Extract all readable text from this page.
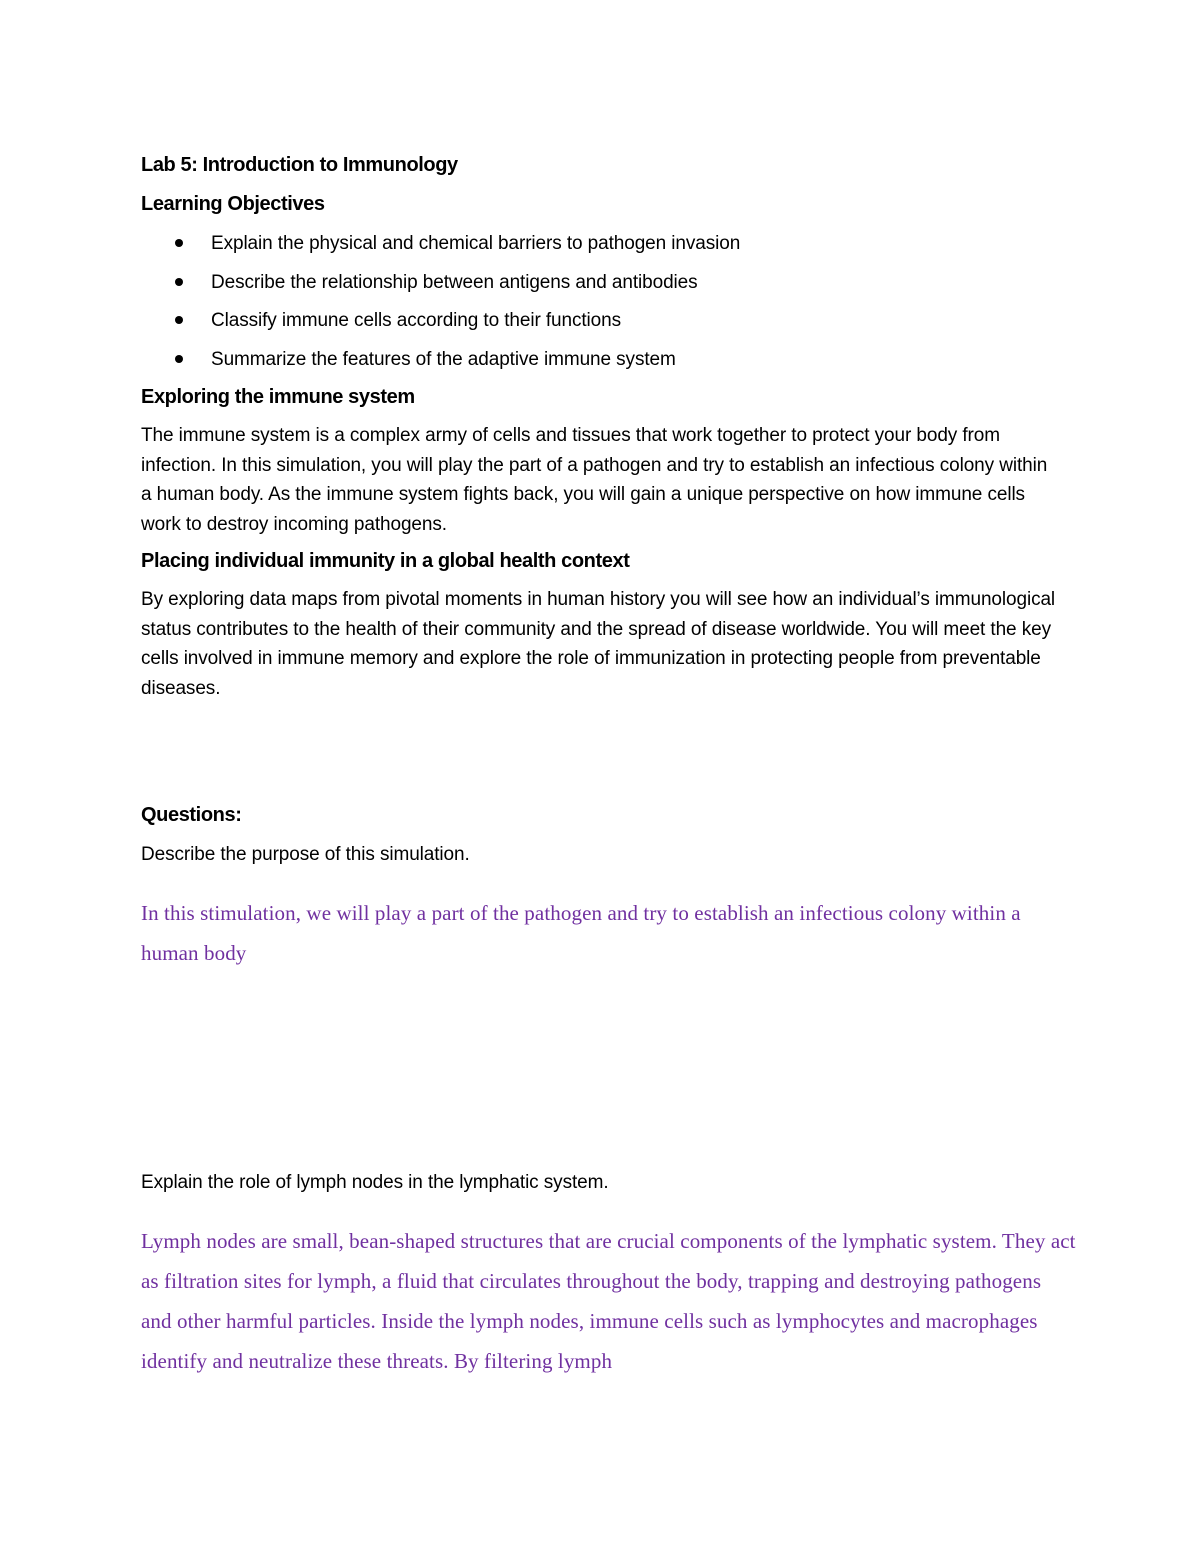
Lab 5: Introduction to Immunology
Learning Objectives
Explain the physical and chemical barriers to pathogen invasion
Describe the relationship between antigens and antibodies
Classify immune cells according to their functions
Summarize the features of the adaptive immune system
Exploring the immune system

The immune system is a complex army of cells and tissues that work together to protect your body from infection. In this simulation, you will play the part of a pathogen and try to establish an infectious colony within a human body. As the immune system fights back, you will gain a unique perspective on how immune cells work to destroy incoming pathogens.

Placing individual immunity in a global health context

By exploring data maps from pivotal moments in human history you will see how an individual’s immunological status contributes to the health of their community and the spread of disease worldwide. You will meet the key cells involved in immune memory and explore the role of immunization in protecting people from preventable diseases.

Questions:

Describe the purpose of this simulation.

In this stimulation, we will play a part of the pathogen and try to establish an infectious colony within a human body

Explain the role of lymph nodes in the lymphatic system.

Lymph nodes are small, bean-shaped structures that are crucial components of the lymphatic system. They act as filtration sites for lymph, a fluid that circulates throughout the body, trapping and destroying pathogens and other harmful particles. Inside the lymph nodes, immune cells such as lymphocytes and macrophages identify and neutralize these threats. By filtering lymph
